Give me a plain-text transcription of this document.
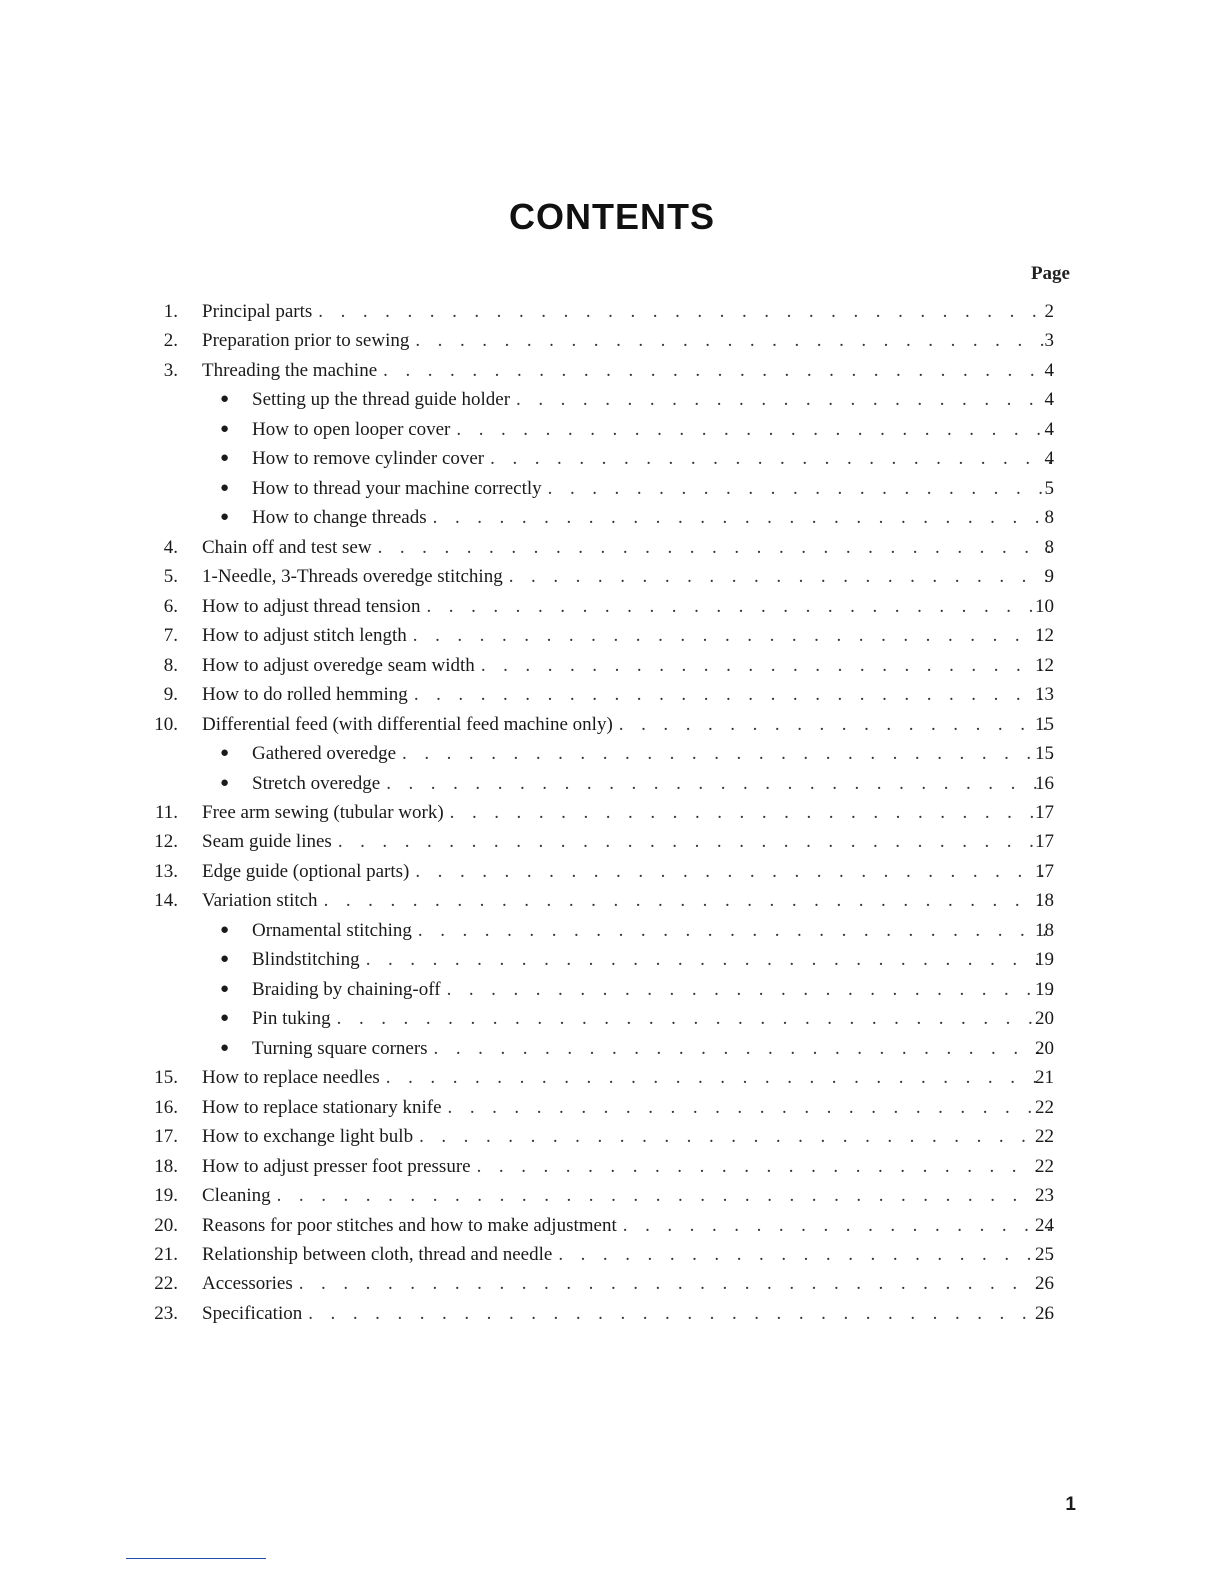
CONTENTS
Page
1. Principal parts . . .	2
2. Preparation prior to sewing . . .	3
3. Threading the machine . . .	4
● Setting up the thread guide holder . . .	4
● How to open looper cover . . .	4
● How to remove cylinder cover . . .	4
● How to thread your machine correctly . . .	5
● How to change threads . . .	8
4. Chain off and test sew . . .	8
5. 1-Needle, 3-Threads overedge stitching . . .	9
6. How to adjust thread tension . . .	10
7. How to adjust stitch length . . .	12
8. How to adjust overedge seam width . . .	12
9. How to do rolled hemming . . .	13
10. Differential feed (with differential feed machine only) . . .	15
● Gathered overedge . . .	15
● Stretch overedge . . .	16
11. Free arm sewing (tubular work) . . .	17
12. Seam guide lines . . .	17
13. Edge guide (optional parts) . . .	17
14. Variation stitch . . .	18
● Ornamental stitching . . .	18
● Blindstitching . . .	19
● Braiding by chaining-off . . .	19
● Pin tuking . . .	20
● Turning square corners . . .	20
15. How to replace needles . . .	21
16. How to replace stationary knife . . .	22
17. How to exchange light bulb . . .	22
18. How to adjust presser foot pressure . . .	22
19. Cleaning . . .	23
20. Reasons for poor stitches and how to make adjustment . . .	24
21. Relationship between cloth, thread and needle . . .	25
22. Accessories . . .	26
23. Specification . . .	26
1
